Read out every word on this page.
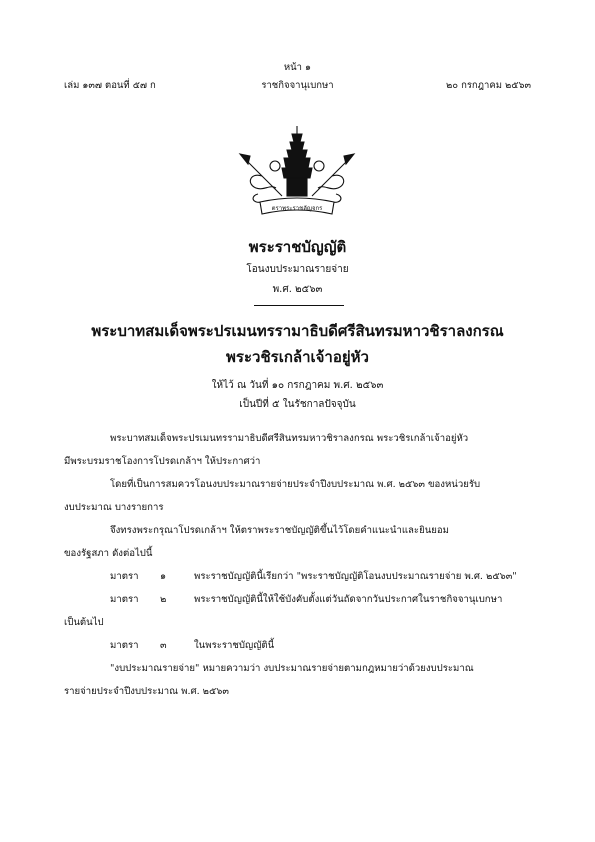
หน้า ๑
เล่ม ๑๓๗ ตอนที่ ๕๗ ก	ราชกิจจานุเบกษา	๒๐ กรกฎาคม ๒๕๖๓
ตราพระราชลัญจกร
พระราชบัญญัติ
โอนงบประมาณรายจ่าย
พ.ศ. ๒๕๖๓
พระบาทสมเด็จพระปรเมนทรรามาธิบดีศรีสินทรมหาวชิราลงกรณ
พระวชิรเกล้าเจ้าอยู่หัว
ให้ไว้ ณ วันที่ ๑๐ กรกฎาคม พ.ศ. ๒๕๖๓
เป็นปีที่ ๕ ในรัชกาลปัจจุบัน
พระบาทสมเด็จพระปรเมนทรรามาธิบดีศรีสินทรมหาวชิราลงกรณ พระวชิรเกล้าเจ้าอยู่หัว
มีพระบรมราชโองการโปรดเกล้าฯ ให้ประกาศว่า
โดยที่เป็นการสมควรโอนงบประมาณรายจ่ายประจำปีงบประมาณ พ.ศ. ๒๕๖๓ ของหน่วยรับ
งบประมาณ บางรายการ
จึงทรงพระกรุณาโปรดเกล้าฯ ให้ตราพระราชบัญญัติขึ้นไว้โดยคำแนะนำและยินยอม
ของรัฐสภา ดังต่อไปนี้
มาตรา ๑	พระราชบัญญัตินี้เรียกว่า "พระราชบัญญัติโอนงบประมาณรายจ่าย พ.ศ. ๒๕๖๓"
มาตรา ๒	พระราชบัญญัตินี้ให้ใช้บังคับตั้งแต่วันถัดจากวันประกาศในราชกิจจานุเบกษา
เป็นต้นไป
มาตรา ๓	ในพระราชบัญญัตินี้
"งบประมาณรายจ่าย" หมายความว่า งบประมาณรายจ่ายตามกฎหมายว่าด้วยงบประมาณ
รายจ่ายประจำปีงบประมาณ พ.ศ. ๒๕๖๓
